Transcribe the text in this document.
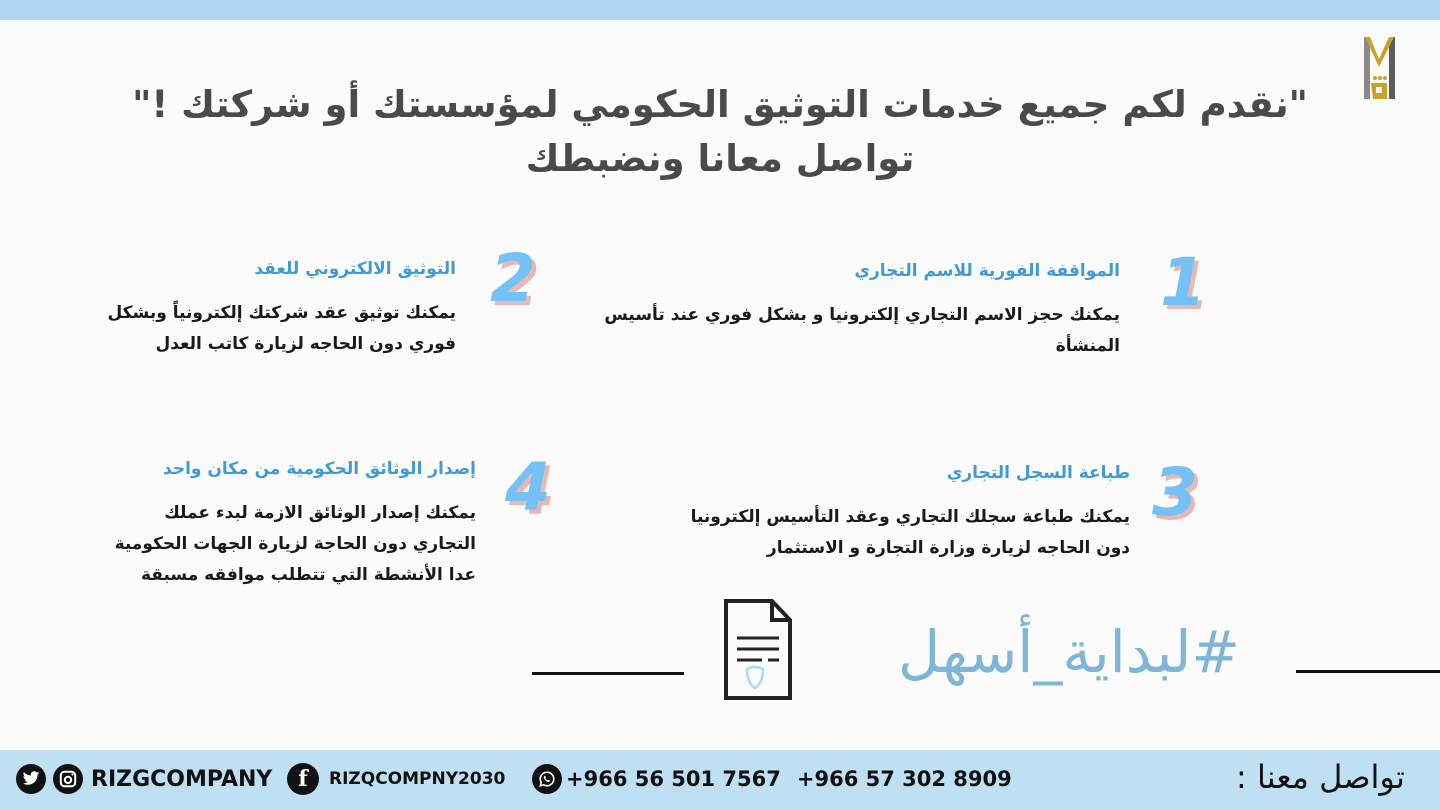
"نقدم لكم جميع خدمات التوثيق الحكومي لمؤسستك أو شركتك !"
تواصل معانا ونضبطك
1
المواقفة الفورية للاسم التجاري
يمكنك حجز الاسم التجاري إلكترونيا و بشكل فوري عند تأسيس المنشأة
2
التوثيق الالكتروني للعقد
يمكنك توثيق عقد شركتك إلكترونياً وبشكل فوري دون الحاجه لزيارة كاتب العدل
3
طباعة السجل التجاري
يمكنك طباعة سجلك التجاري وعقد التأسيس إلكترونيا دون الحاجه لزيارة وزارة التجارة و الاستثمار
4
إصدار الوثائق الحكومية من مكان واحد
يمكنك إصدار الوثائق الازمة لبدء عملك التجاري دون الحاجة لزيارة الجهات الحكومية عدا الأنشطة التي تتطلب موافقه مسبقة
#لبداية_أسهل
RIZGCOMPANY	f	RIZQCOMPNY2030	+966 56 501 7567 +966 57 302 8909	تواصل معنا :
